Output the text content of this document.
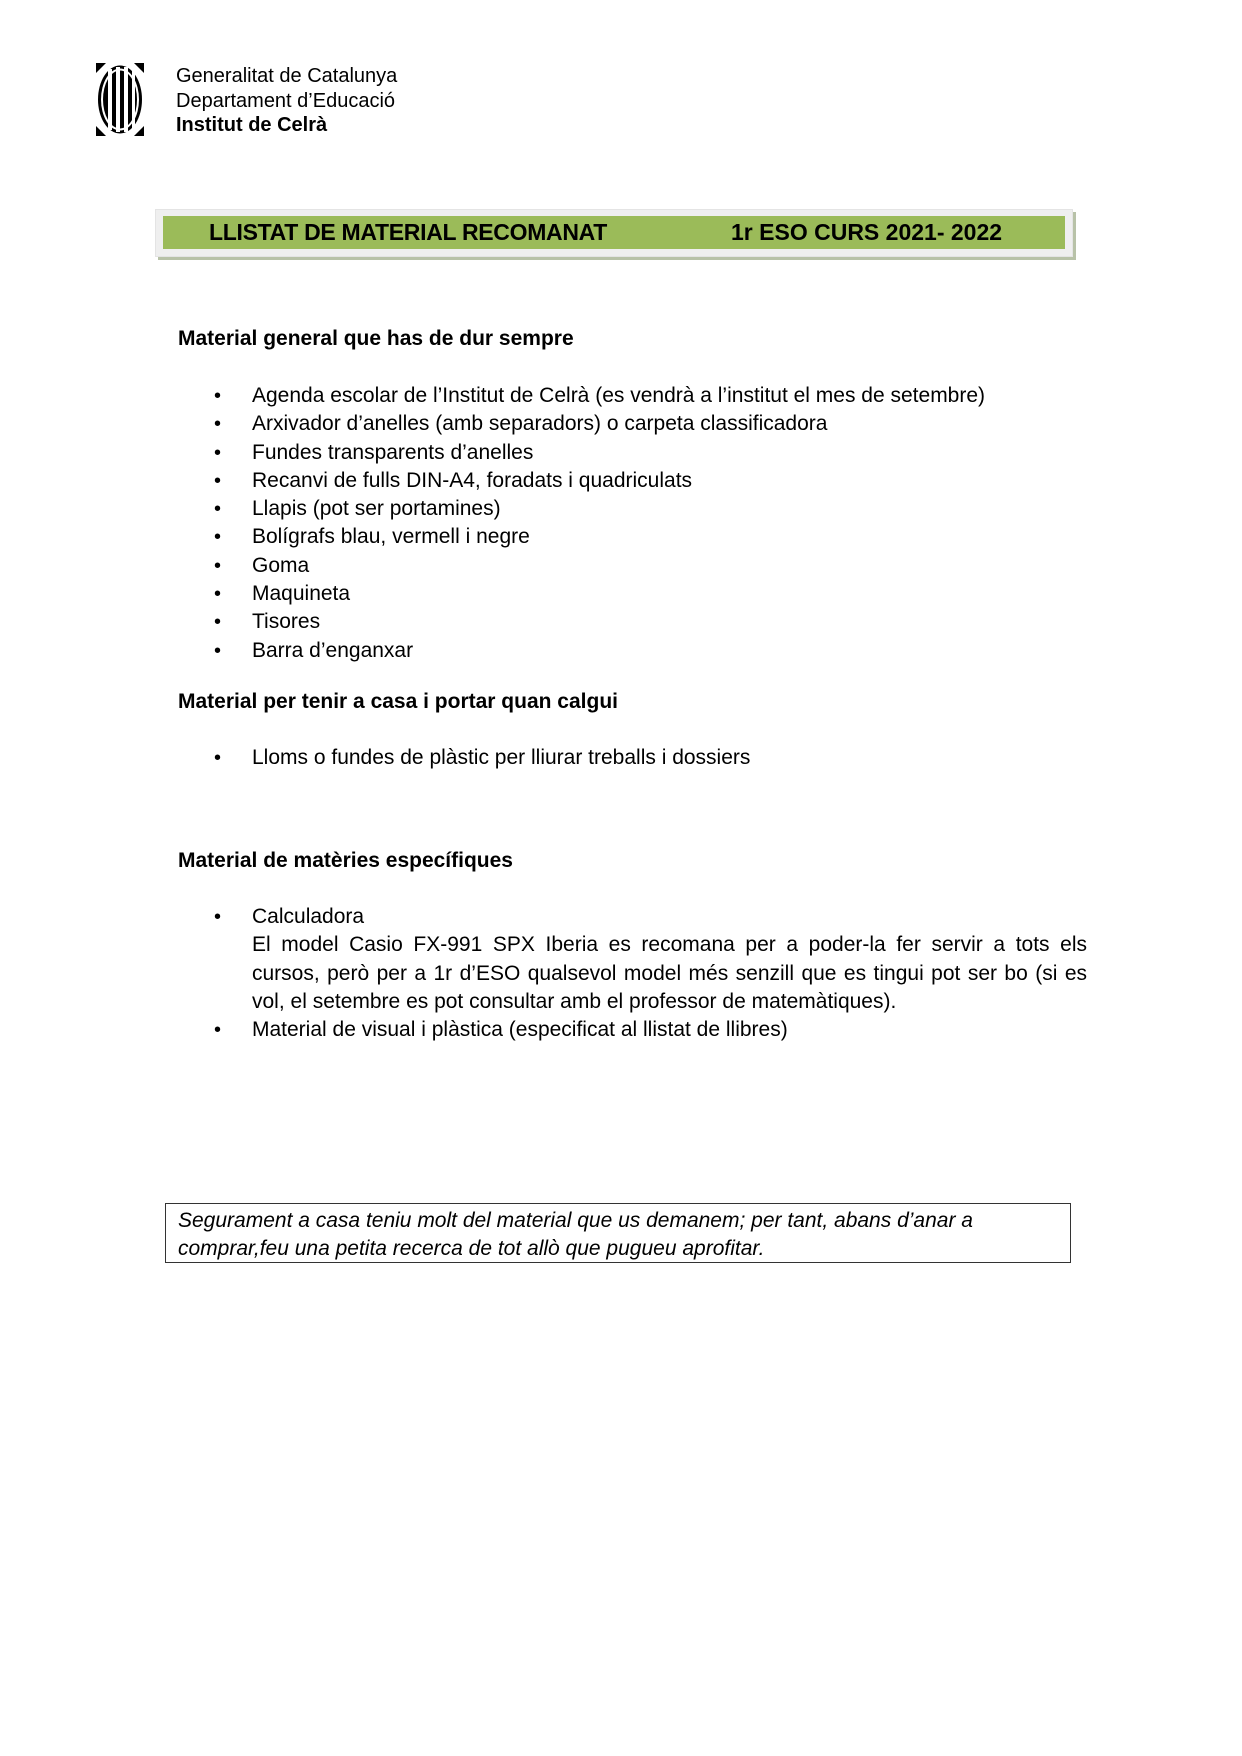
Generalitat de Catalunya
Departament d’Educació
Institut de Celrà
LLISTAT DE MATERIAL RECOMANAT	1r ESO CURS 2021- 2022
Material general que has de dur sempre
• Agenda escolar de l’Institut de Celrà (es vendrà a l’institut el mes de setembre)
• Arxivador d’anelles (amb separadors) o carpeta classificadora
• Fundes transparents d’anelles
• Recanvi de fulls DIN-A4, foradats i quadriculats
• Llapis (pot ser portamines)
• Bolígrafs blau, vermell i negre
• Goma
• Maquineta
• Tisores
• Barra d’enganxar
Material per tenir a casa i portar quan calgui
• Lloms o fundes de plàstic per lliurar treballs i dossiers
Material de matèries específiques
• Calculadora
El model Casio FX-991 SPX Iberia es recomana per a poder-la fer servir a tots els cursos, però per a 1r d’ESO qualsevol model més senzill que es tingui pot ser bo (si es vol, el setembre es pot consultar amb el professor de matemàtiques).
• Material de visual i plàstica (especificat al llistat de llibres)
Segurament a casa teniu molt del material que us demanem; per tant, abans d’anar a comprar,feu una petita recerca de tot allò que pugueu aprofitar.
